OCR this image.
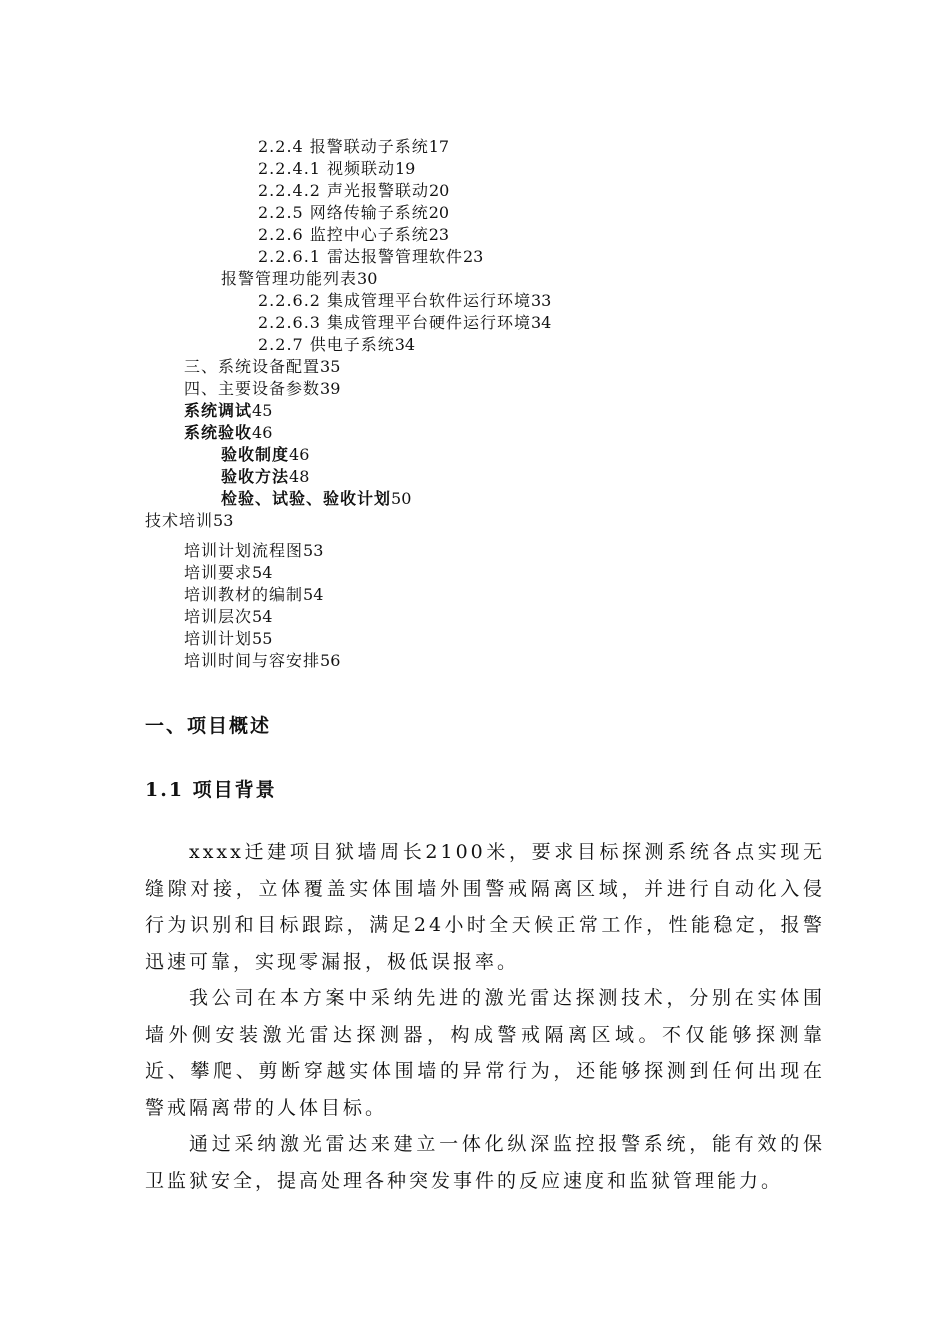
2.2.4 报警联动子系统17
2.2.4.1 视频联动19
2.2.4.2 声光报警联动20
2.2.5 网络传输子系统20
2.2.6 监控中心子系统23
2.2.6.1 雷达报警管理软件23
报警管理功能列表30
2.2.6.2 集成管理平台软件运行环境33
2.2.6.3 集成管理平台硬件运行环境34
2.2.7 供电子系统34
三、系统设备配置35
四、主要设备参数39
系统调试45
系统验收46
验收制度46
验收方法48
检验、试验、验收计划50
技术培训53
培训计划流程图53
培训要求54
培训教材的编制54
培训层次54
培训计划55
培训时间与容安排56
一、项目概述
1.1 项目背景

xxxx迁建项目狱墙周长2100米，要求目标探测系统各点实现无缝隙对接，立体覆盖实体围墙外围警戒隔离区域，并进行自动化入侵行为识别和目标跟踪，满足24小时全天候正常工作，性能稳定，报警迅速可靠，实现零漏报，极低误报率。

我公司在本方案中采纳先进的激光雷达探测技术，分别在实体围墙外侧安装激光雷达探测器，构成警戒隔离区域。不仅能够探测靠近、攀爬、剪断穿越实体围墙的异常行为，还能够探测到任何出现在警戒隔离带的人体目标。

通过采纳激光雷达来建立一体化纵深监控报警系统，能有效的保卫监狱安全，提高处理各种突发事件的反应速度和监狱管理能力。
